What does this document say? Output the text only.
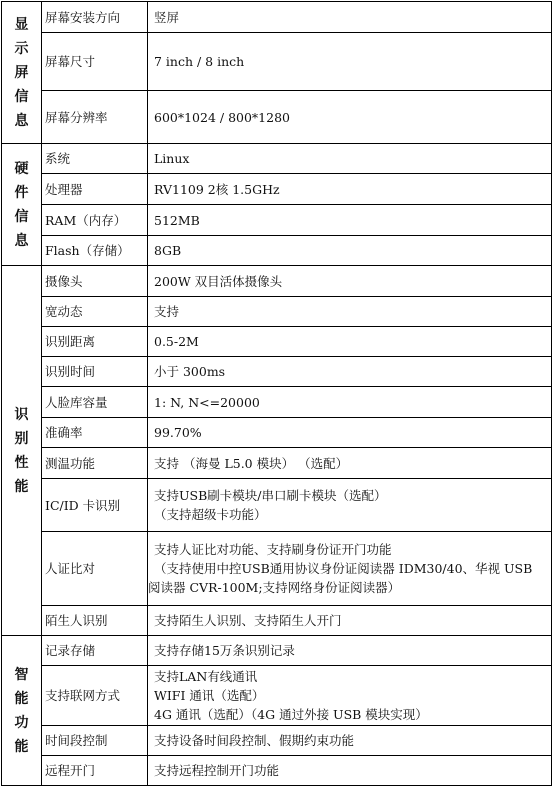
显
示
屏
信
息	屏幕安装方向	竖屏

	屏幕尺寸	7 inch / 8 inch

	屏幕分辨率	600*1024 / 800*1280

硬
件
信
息	系统	Linux

	处理器	RV1109 2核 1.5GHz

	RAM（内存）	512MB

	Flash（存储）	8GB

识
别
性
能	摄像头	200W 双目活体摄像头

	宽动态	支持

	识别距离	0.5-2M

	识别时间	小于 300ms

	人脸库容量	1: N, N<=20000

	准确率	99.70%

	测温功能	支持 （海曼 L5.0 模块） （选配）

	IC/ID 卡识别	支持USB刷卡模块/串口刷卡模块（选配）
（支持超级卡功能）

	人证比对	支持人证比对功能、支持刷身份证开门功能
（支持使用中控USB通用协议身份证阅读器 IDM30/40、华视 USB
阅读器 CVR-100M;支持网络身份证阅读器）

	陌生人识别	支持陌生人识别、支持陌生人开门

智
能
功
能	记录存储	支持存储15万条识别记录

	支持联网方式	支持LAN有线通讯
WIFI 通讯（选配）
4G 通讯（选配）（4G 通过外接 USB 模块实现）

	时间段控制	支持设备时间段控制、假期约束功能

	远程开门	支持远程控制开门功能
